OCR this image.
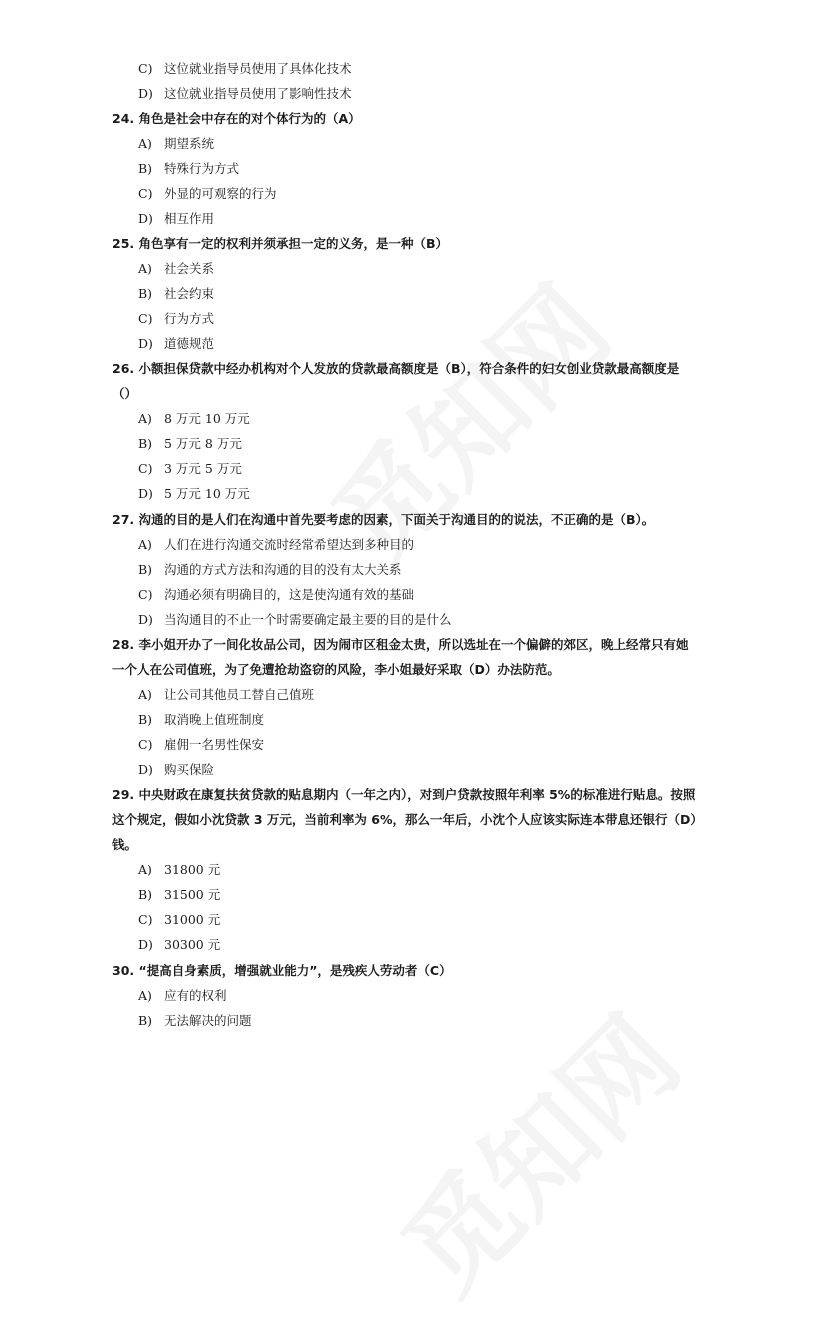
C) 这位就业指导员使用了具体化技术
D) 这位就业指导员使用了影响性技术
24. 角色是社会中存在的对个体行为的（A）
A) 期望系统
B) 特殊行为方式
C) 外显的可观察的行为
D) 相互作用
25. 角色享有一定的权利并须承担一定的义务，是一种（B）
A) 社会关系
B) 社会约束
C) 行为方式
D) 道德规范
26. 小额担保贷款中经办机构对个人发放的贷款最高额度是（B），符合条件的妇女创业贷款最高额度是
（）
A) 8 万元 10 万元
B) 5 万元 8 万元
C) 3 万元 5 万元
D) 5 万元 10 万元
27. 沟通的目的是人们在沟通中首先要考虑的因素，下面关于沟通目的的说法，不正确的是（B）。
A) 人们在进行沟通交流时经常希望达到多种目的
B) 沟通的方式方法和沟通的目的没有太大关系
C) 沟通必须有明确目的，这是使沟通有效的基础
D) 当沟通目的不止一个时需要确定最主要的目的是什么
28. 李小姐开办了一间化妆品公司，因为闹市区租金太贵，所以选址在一个偏僻的郊区，晚上经常只有她
一个人在公司值班，为了免遭抢劫盗窃的风险，李小姐最好采取（D）办法防范。
A) 让公司其他员工替自己值班
B) 取消晚上值班制度
C) 雇佣一名男性保安
D) 购买保险
29. 中央财政在康复扶贫贷款的贴息期内（一年之内），对到户贷款按照年利率 5%的标准进行贴息。按照
这个规定，假如小沈贷款 3 万元，当前利率为 6%，那么一年后，小沈个人应该实际连本带息还银行（D）
钱。
A) 31800 元
B) 31500 元
C) 31000 元
D) 30300 元
30. “提高自身素质，增强就业能力”，是残疾人劳动者（C）
A) 应有的权利
B) 无法解决的问题
